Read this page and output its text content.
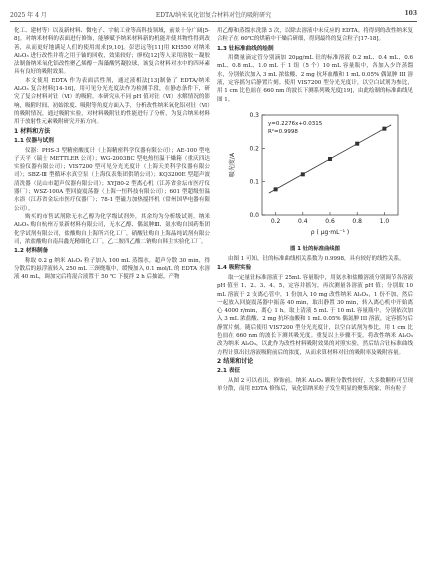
2025 年 4 月	EDTA/纳米氧化铝复合材料对钍的吸附研究	103

化工、建材等）以及新材料、微电子、宇航工业等高科技领域，前景十分广阔[5-8]。对纳米材料的表面进行修饰，能够赋予纳米材料新的机能并使其物性得到改善，从而更好地满足人们的使用需求[9,10]。彭思远等[11]用 KH550 对纳米 Al₂O₃ 进行改性并将之用于铀的回收，效果较好；廖权[12]等人采用溶胶－凝胶法制备纳米氧化铝改性聚乙烯醇－海藻酸钙凝胶球，该复合材料对水中的四环素具有良好的吸附效果。

本文使用 EDTA 作为表面活性剂，通过液相法[13]制备了 EDTA/纳米 Al₂O₃ 复合材料[14-16]，用可见分光光度法作为检测手段，在静态条件下，研究了复合材料对钍（Ⅵ）的吸附。本研究从不同 pH 值对钍（Ⅵ）水解情况的影响，吸附时间、初始浓度、吸附等角度方面入手，分析改性纳米氧化铝对钍（Ⅵ）的吸附情况，通过吸附实验，对材料吸附钍的性能进行了分析，为复合纳米材料用于放射性元素吸附研究开拓方向。

1 材料和方法
1.1 仪器与试剂

仪器：PHS-3 型精密酸度计（上海精密科学仪器有限公司）；AE-100 型电子天平（瑞士 METTLER 公司）；WG-2003BC 型电热恒温干燥箱（重庆四达实验仪器有限公司）；VIS7200 型可见分光光度计（上海天美科学仪器有限公司）；SBZ-Ⅲ 型循环水真空泵（上海仪表集团供销公司）；KQ3200E 型超声波清洗器（昆山市超声仪器有限公司）；XYJ80-2 型离心机（江苏省金坛市医疗仪器厂）；WSZ-100A 型回旋震荡器（上海一恒科技有限公司）；601 型超级恒温水浴（江苏省金坛市医疗仪器厂）；78-1 型磁力加热搅拌机（常州国华电器有限公司）。

购买的市售试剂除无水乙醇为化学级试剂外，其余均为分析级试剂。纳米 Al₂O₃ 购自杭州万景新材料有限公司，无水乙醇、偶氮胂Ⅲ、氨水购自国药集团化学试剂有限公司，盐酸购自上海所兴化工厂，硝酸钍购自上海晶纯试剂有限公司，浓盐酸购自南昌鑫光精细化工厂，乙二胺四乙酸二钠购自韩主实验化工厂。

1.2 材料制备

称取 0.2 g 纳米 Al₂O₃ 粒子加入 100 mL 蒸馏水，超声分散 30 min，得分散后的悬浮液转入 250 mL 三颈烧瓶中，缓慢加入 0.1 mol/L 的 EDTA 水溶液 40 mL，调加完后将混合液置于 50 ℃ 下搅拌 2 h 后抽滤，产物

用乙醇和蒸馏水洗涤 3 次，以除去溶液中未反应的 EDTA。将得到的改性纳米复合粒子在 60℃的烘箱中干燥后研细，得到最终的复合粒子[17-18]。

1.3 钍标准曲线的绘制

用微量滴定管分别滴加 20μg/mL 钍的标准溶液 0.2 mL、0.4 mL、0.6 mL、0.8 mL、1.0 mL 于 1 组（5 个）10 mL 容量瓶中，各加入少许蒸馏水，分别依次加入 3 mL 浓盐酸、2 mg 抗坏血酸和 1 mL 0.05% 偶氮胂 III 溶液，定容摇匀后静置片刻。使用 VIS7200 型分光光度计，以空白试剂为参比，用 1 cm 比色皿在 660 nm 的波长下测系列吸光度[19]，由此绘制的标准曲线见图 1。

0.2	0.4	0.6	0.8	1.0
0.0
0.1
0.2
0.3
y=0.2276x+0.0315
R²=0.9998
ρ ( μg·mL⁻¹ )
吸光度/A
图 1 钍的标准曲线图

由图 1 可知，钍的标准曲线相关系数为 0.9998，具有较好的线性关系。

1.4 吸附实验

取一定量钍标准溶液于 25mL 容量瓶中，用氨水和盐酸溶液分别调节各溶液 pH 值至 1、2、3、4、5，定容并摇匀，再次测量各溶液 pH 值；分别取 10 mL 溶液于 2 支离心管中，1 份加入 10 mg 改性纳米 Al₂O₃，1 份不加，然后一起放入回旋震荡器中振荡 40 min，取出静置 30 min，转入离心机中开始离心 4000 r/min，离心 1 h。取上清液 5 mL 于 10 mL 容量瓶中，分别依次加入 3 mL 浓盐酸、2 mg 抗坏血酸和 1 mL 0.05% 偶氮胂 III 溶液，定容摇匀后静置片刻。随后使用 VIS7200 型分光光度计，以空白试剂为参比，用 1 cm 比色皿在 660 nm 的波长下测其吸光度。重复以上步骤不变，将改性纳米 Al₂O₃ 改为纳米 Al₂O₃，以此作为改性材料吸附效果的对照实验，然后结合钍标准曲线方程计算出钍溶液吸附前后的浓度，从而求算材料对钍的吸附率及吸附容量。

2 结果和讨论
2.1 表征

从图 2 可以看出，修饰前，纳米 Al₂O₃ 颗粒分散性较好，大多数颗粒可呈现单分散，而用 EDTA 修饰后，氧化铝纳米粒子发生明显的聚集现象，所有粒子
